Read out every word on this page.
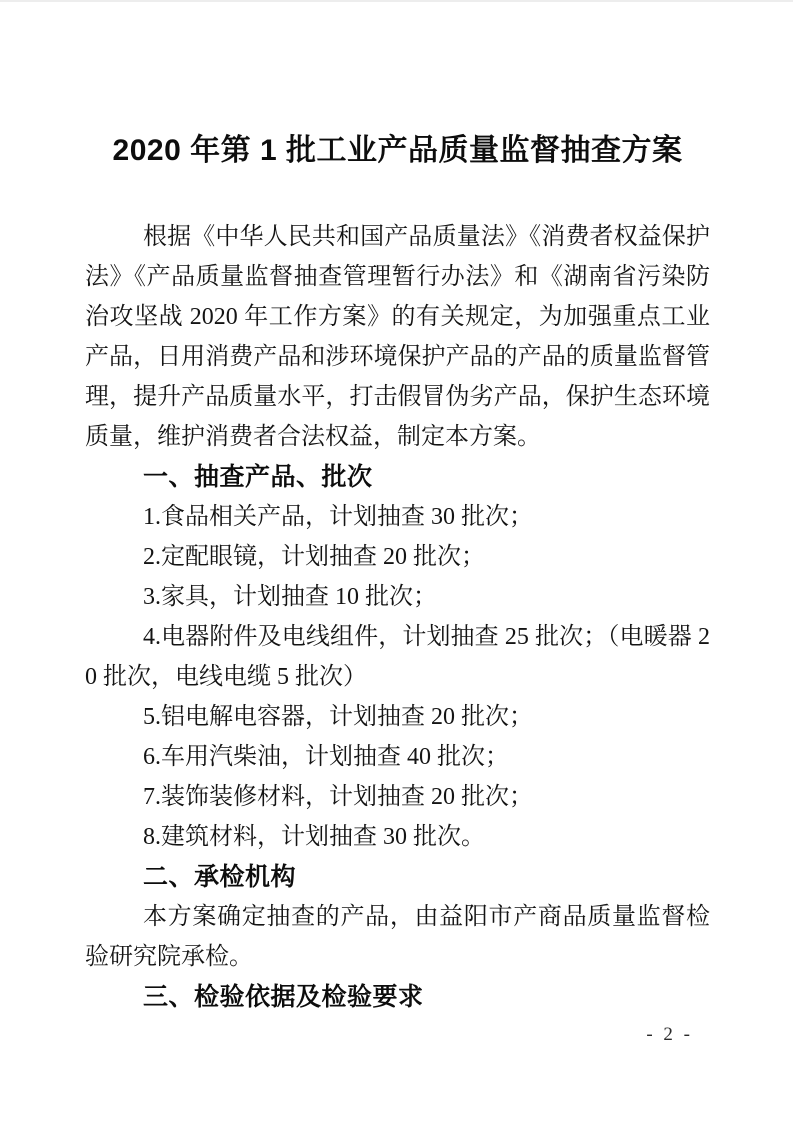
2020 年第 1 批工业产品质量监督抽查方案

根据《中华人民共和国产品质量法》《消费者权益保护法》《产品质量监督抽查管理暂行办法》和《湖南省污染防治攻坚战 2020 年工作方案》的有关规定，为加强重点工业产品，日用消费产品和涉环境保护产品的产品的质量监督管理，提升产品质量水平，打击假冒伪劣产品，保护生态环境质量，维护消费者合法权益，制定本方案。

一、抽查产品、批次

1.食品相关产品，计划抽查 30 批次；

2.定配眼镜，计划抽查 20 批次；

3.家具，计划抽查 10 批次；

4.电器附件及电线组件，计划抽查 25 批次；（电暖器 20 批次，电线电缆 5 批次）

5.铝电解电容器，计划抽查 20 批次；

6.车用汽柴油，计划抽查 40 批次；

7.装饰装修材料，计划抽查 20 批次；

8.建筑材料，计划抽查 30 批次。

二、承检机构

本方案确定抽查的产品，由益阳市产商品质量监督检验研究院承检。

三、检验依据及检验要求
- 2 -
